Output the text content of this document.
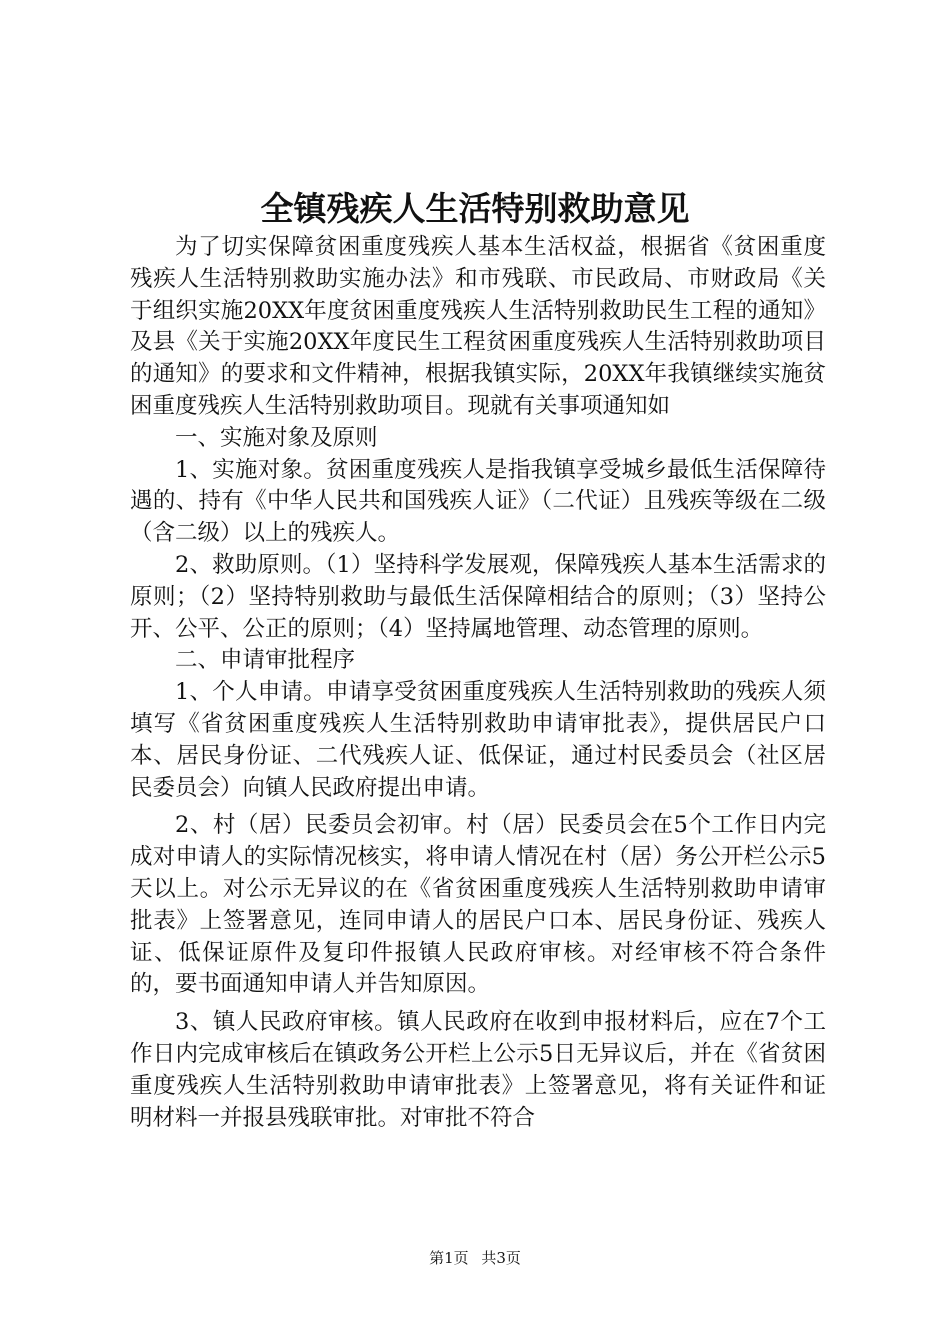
全镇残疾人生活特别救助意见

为了切实保障贫困重度残疾人基本生活权益，根据省《贫困重度残疾人生活特别救助实施办法》和市残联、市民政局、市财政局《关于组织实施20XX年度贫困重度残疾人生活特别救助民生工程的通知》及县《关于实施20XX年度民生工程贫困重度残疾人生活特别救助项目的通知》的要求和文件精神，根据我镇实际，20XX年我镇继续实施贫困重度残疾人生活特别救助项目。现就有关事项通知如

一、实施对象及原则

1、实施对象。贫困重度残疾人是指我镇享受城乡最低生活保障待遇的、持有《中华人民共和国残疾人证》（二代证）且残疾等级在二级（含二级）以上的残疾人。

2、救助原则。（1）坚持科学发展观，保障残疾人基本生活需求的原则；（2）坚持特别救助与最低生活保障相结合的原则；（3）坚持公开、公平、公正的原则；（4）坚持属地管理、动态管理的原则。

二、申请审批程序

1、个人申请。申请享受贫困重度残疾人生活特别救助的残疾人须填写《省贫困重度残疾人生活特别救助申请审批表》，提供居民户口本、居民身份证、二代残疾人证、低保证，通过村民委员会（社区居民委员会）向镇人民政府提出申请。

2、村（居）民委员会初审。村（居）民委员会在5个工作日内完成对申请人的实际情况核实，将申请人情况在村（居）务公开栏公示5天以上。对公示无异议的在《省贫困重度残疾人生活特别救助申请审批表》上签署意见，连同申请人的居民户口本、居民身份证、残疾人证、低保证原件及复印件报镇人民政府审核。对经审核不符合条件的，要书面通知申请人并告知原因。

3、镇人民政府审核。镇人民政府在收到申报材料后，应在7个工作日内完成审核后在镇政务公开栏上公示5日无异议后，并在《省贫困重度残疾人生活特别救助申请审批表》上签署意见，将有关证件和证明材料一并报县残联审批。对审批不符合

第1页 共3页
